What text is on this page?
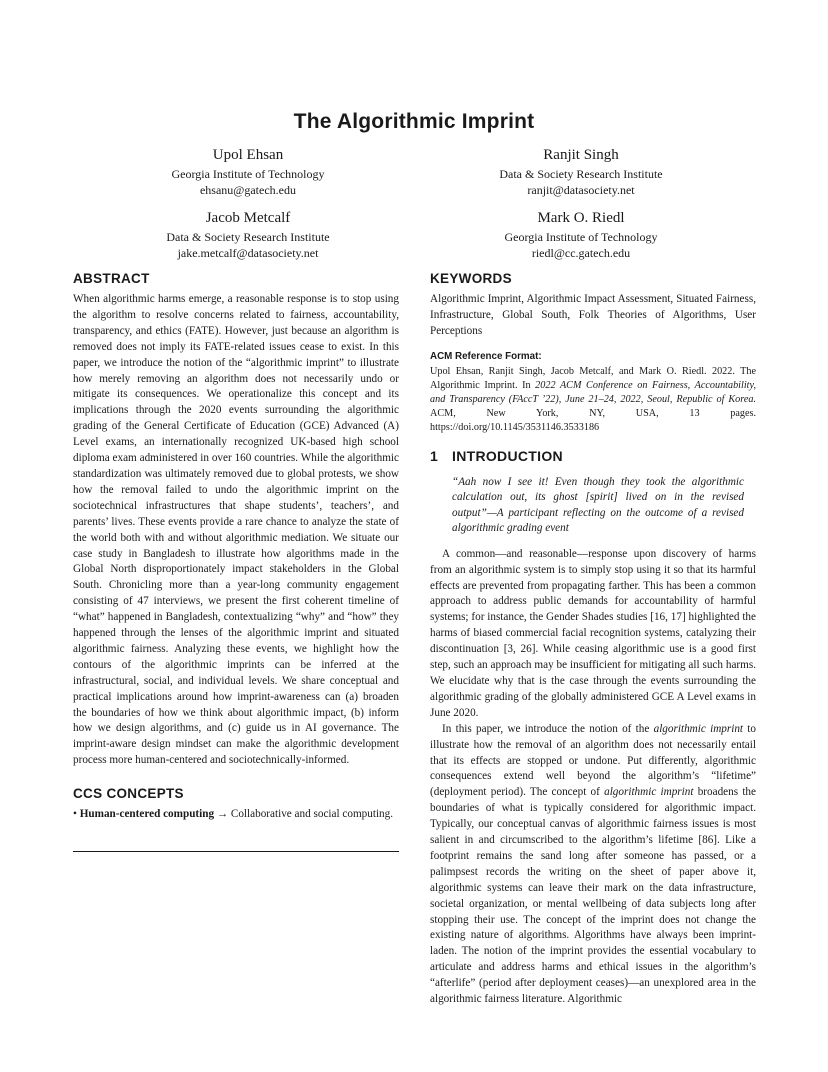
The Algorithmic Imprint
Upol Ehsan
Georgia Institute of Technology
ehsanu@gatech.edu
Ranjit Singh
Data & Society Research Institute
ranjit@datasociety.net
Jacob Metcalf
Data & Society Research Institute
jake.metcalf@datasociety.net
Mark O. Riedl
Georgia Institute of Technology
riedl@cc.gatech.edu
ABSTRACT

When algorithmic harms emerge, a reasonable response is to stop using the algorithm to resolve concerns related to fairness, accountability, transparency, and ethics (FATE). However, just because an algorithm is removed does not imply its FATE-related issues cease to exist. In this paper, we introduce the notion of the “algorithmic imprint” to illustrate how merely removing an algorithm does not necessarily undo or mitigate its consequences. We operationalize this concept and its implications through the 2020 events surrounding the algorithmic grading of the General Certificate of Education (GCE) Advanced (A) Level exams, an internationally recognized UK-based high school diploma exam administered in over 160 countries. While the algorithmic standardization was ultimately removed due to global protests, we show how the removal failed to undo the algorithmic imprint on the sociotechnical infrastructures that shape students’, teachers’, and parents’ lives. These events provide a rare chance to analyze the state of the world both with and without algorithmic mediation. We situate our case study in Bangladesh to illustrate how algorithms made in the Global North disproportionately impact stakeholders in the Global South. Chronicling more than a year-long community engagement consisting of 47 interviews, we present the first coherent timeline of “what” happened in Bangladesh, contextualizing “why” and “how” they happened through the lenses of the algorithmic imprint and situated algorithmic fairness. Analyzing these events, we highlight how the contours of the algorithmic imprints can be inferred at the infrastructural, social, and individual levels. We share conceptual and practical implications around how imprint-awareness can (a) broaden the boundaries of how we think about algorithmic impact, (b) inform how we design algorithms, and (c) guide us in AI governance. The imprint-aware design mindset can make the algorithmic development process more human-centered and sociotechnically-informed.

CCS CONCEPTS

• Human-centered computing → Collaborative and social computing.

KEYWORDS

Algorithmic Imprint, Algorithmic Impact Assessment, Situated Fairness, Infrastructure, Global South, Folk Theories of Algorithms, User Perceptions

ACM Reference Format:

Upol Ehsan, Ranjit Singh, Jacob Metcalf, and Mark O. Riedl. 2022. The Algorithmic Imprint. In 2022 ACM Conference on Fairness, Accountability, and Transparency (FAccT ’22), June 21–24, 2022, Seoul, Republic of Korea. ACM, New York, NY, USA, 13 pages. https://doi.org/10.1145/3531146.3533186

1 INTRODUCTION

“Aah now I see it! Even though they took the algorithmic calculation out, its ghost [spirit] lived on in the revised output”—A participant reflecting on the outcome of a revised algorithmic grading event

A common—and reasonable—response upon discovery of harms from an algorithmic system is to simply stop using it so that its harmful effects are prevented from propagating farther. This has been a common approach to address public demands for accountability of harmful systems; for instance, the Gender Shades studies [16, 17] highlighted the harms of biased commercial facial recognition systems, catalyzing their discontinuation [3, 26]. While ceasing algorithmic use is a good first step, such an approach may be insufficient for mitigating all such harms. We elucidate why that is the case through the events surrounding the algorithmic grading of the globally administered GCE A Level exams in June 2020.

In this paper, we introduce the notion of the algorithmic imprint to illustrate how the removal of an algorithm does not necessarily entail that its effects are stopped or undone. Put differently, algorithmic consequences extend well beyond the algorithm’s “lifetime” (deployment period). The concept of algorithmic imprint broadens the boundaries of what is typically considered for algorithmic impact. Typically, our conceptual canvas of algorithmic fairness issues is most salient in and circumscribed to the algorithm’s lifetime [86]. Like a footprint remains the sand long after someone has passed, or a palimpsest records the writing on the sheet of paper above it, algorithmic systems can leave their mark on the data infrastructure, societal organization, or mental wellbeing of data subjects long after stopping their use. The concept of the imprint does not change the existing nature of algorithms. Algorithms have always been imprint-laden. The notion of the imprint provides the essential vocabulary to articulate and address harms and ethical issues in the algorithm’s “afterlife” (period after deployment ceases)—an unexplored area in the algorithmic fairness literature. Algorithmic
